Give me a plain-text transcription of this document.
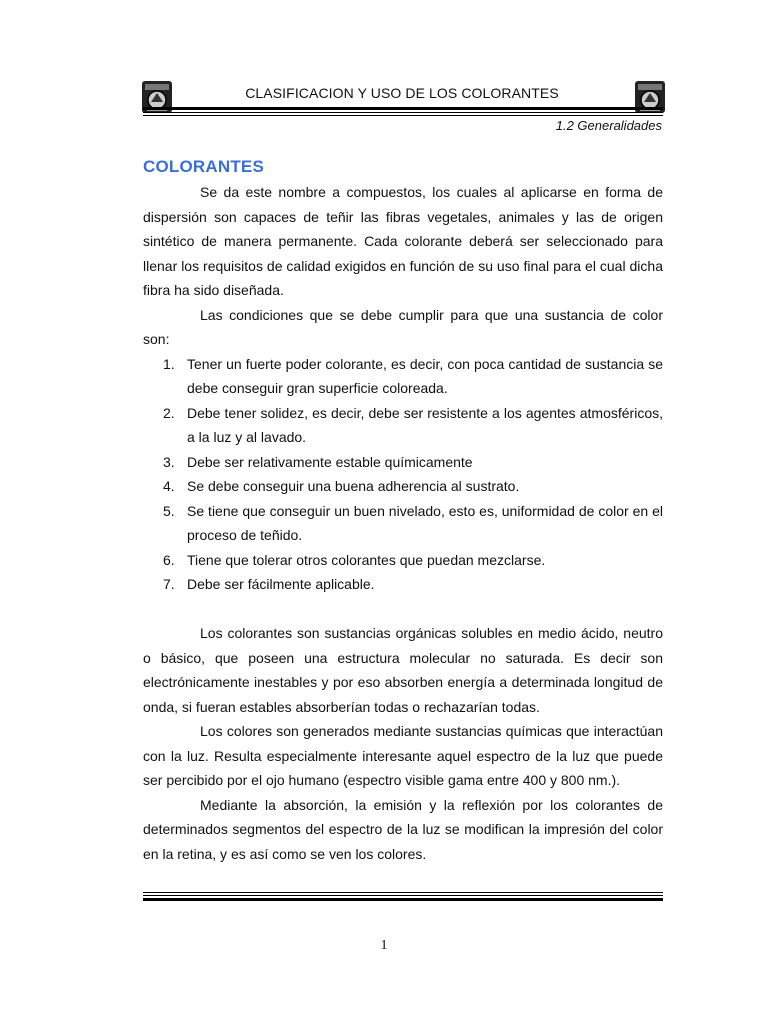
CLASIFICACION Y USO DE LOS COLORANTES
1.2 Generalidades
COLORANTES

Se da este nombre a compuestos, los cuales al aplicarse en forma de dispersión son capaces de teñir las fibras vegetales, animales y las de origen sintético de manera permanente. Cada colorante deberá ser seleccionado para llenar los requisitos de calidad exigidos en función de su uso final para el cual dicha fibra ha sido diseñada.

Las condiciones que se debe cumplir para que una sustancia de color son:

1. Tener un fuerte poder colorante, es decir, con poca cantidad de sustancia se debe conseguir gran superficie coloreada.
2. Debe tener solidez, es decir, debe ser resistente a los agentes atmosféricos, a la luz y al lavado.
3. Debe ser relativamente estable químicamente
4. Se debe conseguir una buena adherencia al sustrato.
5. Se tiene que conseguir un buen nivelado, esto es, uniformidad de color en el proceso de teñido.
6. Tiene que tolerar otros colorantes que puedan mezclarse.
7. Debe ser fácilmente aplicable.

Los colorantes son sustancias orgánicas solubles en medio ácido, neutro o básico, que poseen una estructura molecular no saturada. Es decir son electrónicamente inestables y por eso absorben energía a determinada longitud de onda, si fueran estables absorberían todas o rechazarían todas.

Los colores son generados mediante sustancias químicas que interactúan con la luz. Resulta especialmente interesante aquel espectro de la luz que puede ser percibido por el ojo humano (espectro visible gama entre 400 y 800 nm.).

Mediante la absorción, la emisión y la reflexión por los colorantes de determinados segmentos del espectro de la luz se modifican la impresión del color en la retina, y es así como se ven los colores.

1
